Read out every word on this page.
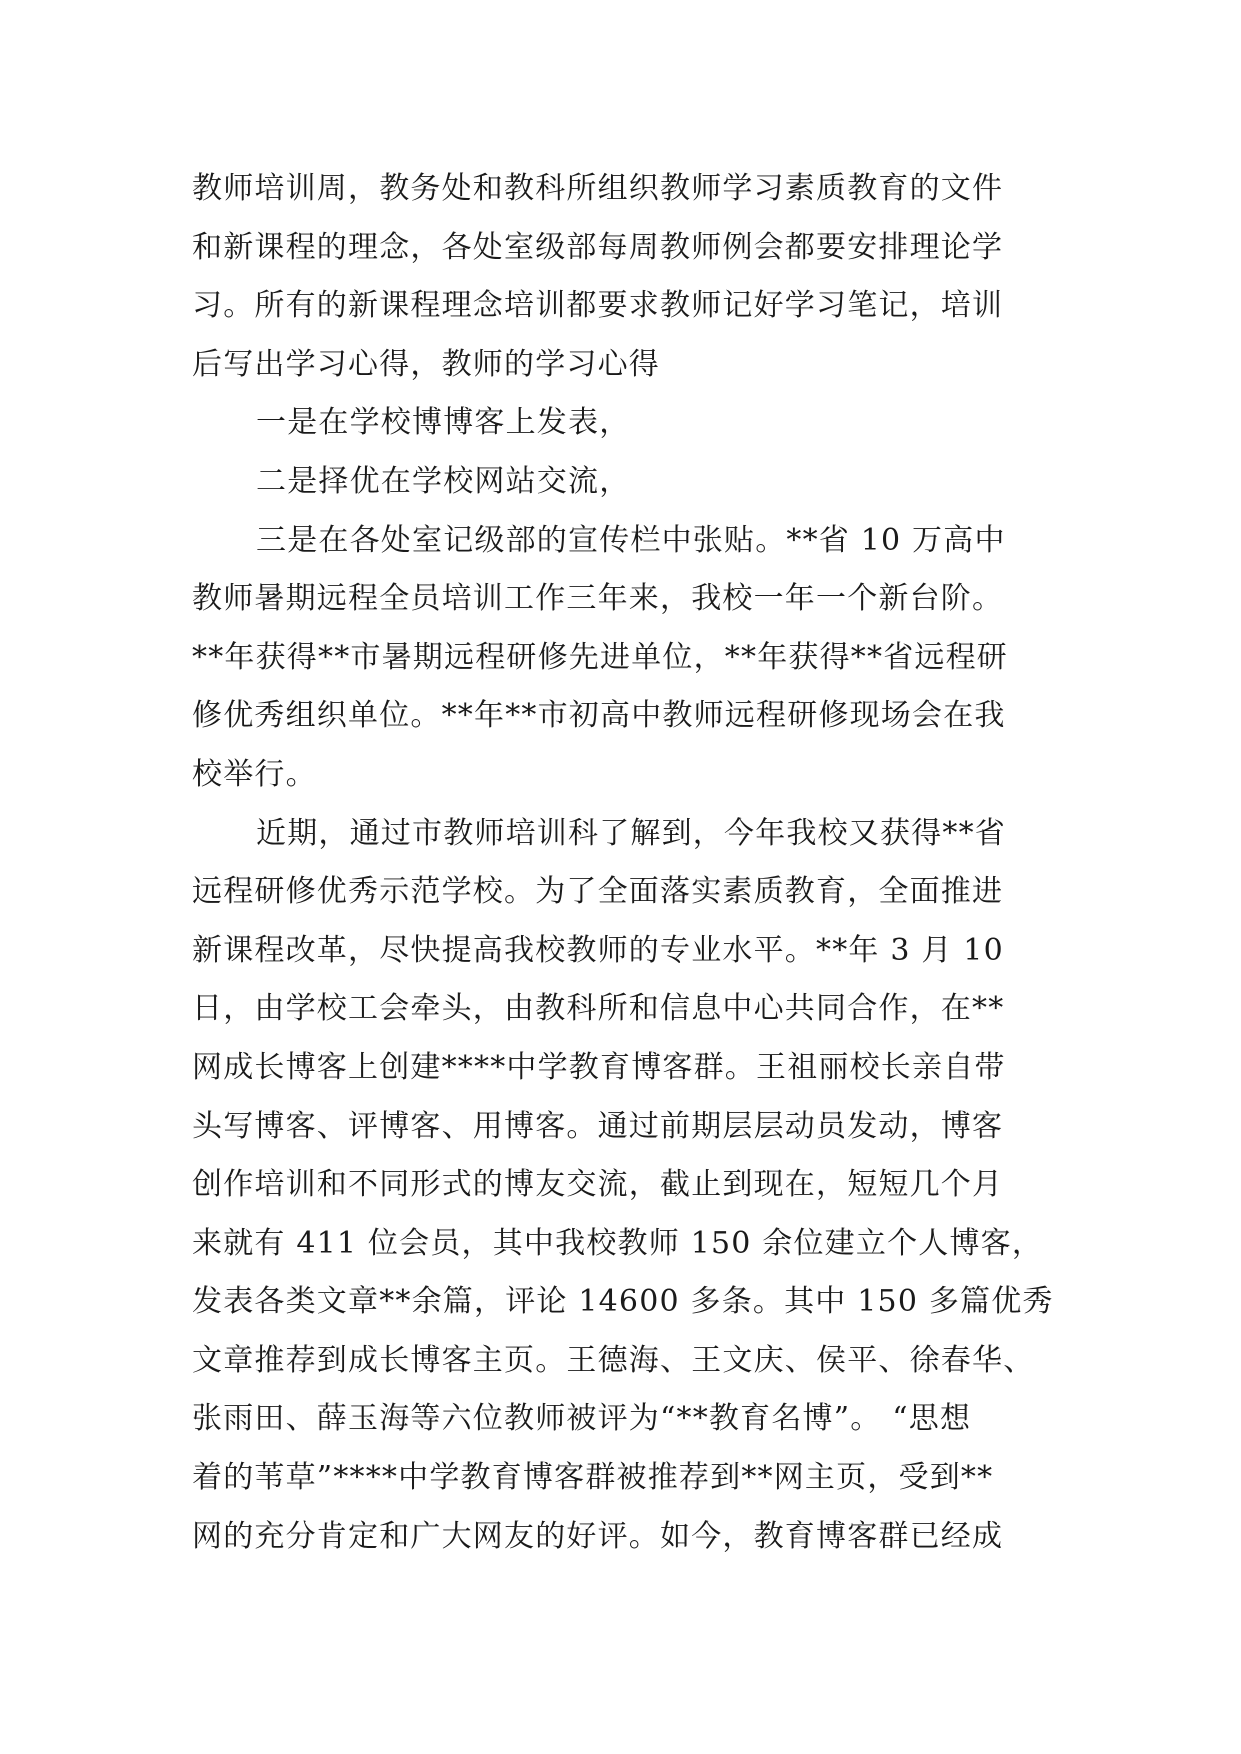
教师培训周，教务处和教科所组织教师学习素质教育的文件
和新课程的理念，各处室级部每周教师例会都要安排理论学
习。所有的新课程理念培训都要求教师记好学习笔记，培训
后写出学习心得，教师的学习心得
一是在学校博博客上发表，
二是择优在学校网站交流，
三是在各处室记级部的宣传栏中张贴。**省 10 万高中
教师暑期远程全员培训工作三年来，我校一年一个新台阶。
**年获得**市暑期远程研修先进单位，**年获得**省远程研
修优秀组织单位。**年**市初高中教师远程研修现场会在我
校举行。
近期，通过市教师培训科了解到，今年我校又获得**省
远程研修优秀示范学校。为了全面落实素质教育，全面推进
新课程改革，尽快提高我校教师的专业水平。**年 3 月 10
日，由学校工会牵头，由教科所和信息中心共同合作，在**
网成长博客上创建****中学教育博客群。王祖丽校长亲自带
头写博客、评博客、用博客。通过前期层层动员发动，博客
创作培训和不同形式的博友交流，截止到现在，短短几个月
来就有 411 位会员，其中我校教师 150 余位建立个人博客，
发表各类文章**余篇，评论 14600 多条。其中 150 多篇优秀
文章推荐到成长博客主页。王德海、王文庆、侯平、徐春华、
张雨田、薛玉海等六位教师被评为“**教育名博”。 “思想
着的苇草”****中学教育博客群被推荐到**网主页，受到**
网的充分肯定和广大网友的好评。如今，教育博客群已经成
